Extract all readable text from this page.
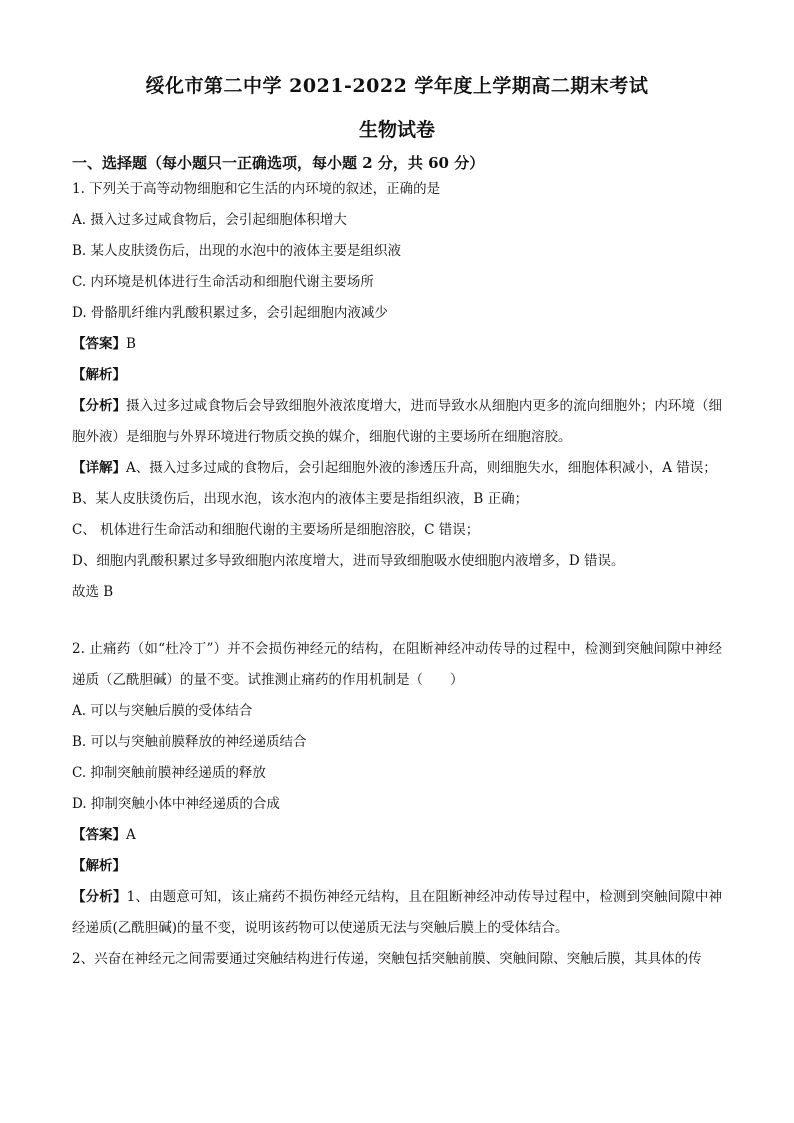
绥化市第二中学 2021-2022 学年度上学期高二期末考试

生物试卷

一、选择题（每小题只一正确选项，每小题 2 分，共 60 分）

1. 下列关于高等动物细胞和它生活的内环境的叙述，正确的是

A. 摄入过多过咸食物后，会引起细胞体积增大

B. 某人皮肤烫伤后，出现的水泡中的液体主要是组织液

C. 内环境是机体进行生命活动和细胞代谢主要场所

D. 骨骼肌纤维内乳酸积累过多，会引起细胞内液减少

【答案】B

【解析】

【分析】摄入过多过咸食物后会导致细胞外液浓度增大，进而导致水从细胞内更多的流向细胞外；内环境（细胞外液）是细胞与外界环境进行物质交换的媒介，细胞代谢的主要场所在细胞溶胶。

【详解】A、摄入过多过咸的食物后，会引起细胞外液的渗透压升高，则细胞失水，细胞体积减小，A 错误；

B、某人皮肤烫伤后，出现水泡，该水泡内的液体主要是指组织液，B 正确；

C、 机体进行生命活动和细胞代谢的主要场所是细胞溶胶，C 错误；

D、细胞内乳酸积累过多导致细胞内浓度增大，进而导致细胞吸水使细胞内液增多，D 错误。

故选 B

2. 止痛药（如“杜冷丁”）并不会损伤神经元的结构，在阻断神经冲动传导的过程中，检测到突触间隙中神经递质（乙酰胆碱）的量不变。试推测止痛药的作用机制是（　　）

A. 可以与突触后膜的受体结合

B. 可以与突触前膜释放的神经递质结合

C. 抑制突触前膜神经递质的释放

D. 抑制突触小体中神经递质的合成

【答案】A

【解析】

【分析】1、由题意可知，该止痛药不损伤神经元结构，且在阻断神经冲动传导过程中，检测到突触间隙中神经递质(乙酰胆碱)的量不变，说明该药物可以使递质无法与突触后膜上的受体结合。

2、兴奋在神经元之间需要通过突触结构进行传递，突触包括突触前膜、突触间隙、突触后膜，其具体的传
